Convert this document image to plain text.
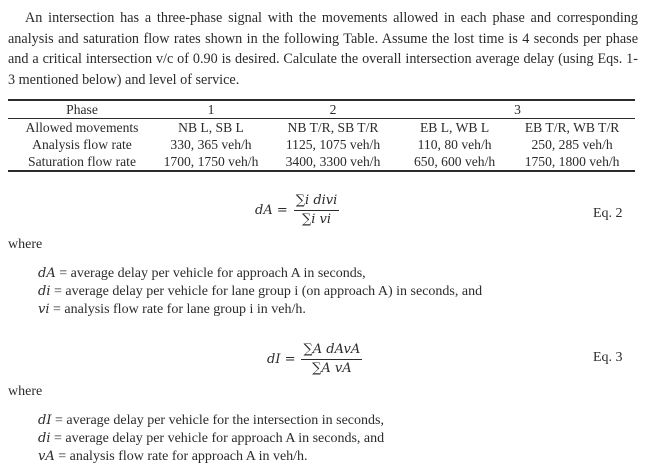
An intersection has a three-phase signal with the movements allowed in each phase and corresponding analysis and saturation flow rates shown in the following Table. Assume the lost time is 4 seconds per phase and a critical intersection v/c of 0.90 is desired. Calculate the overall intersection average delay (using Eqs. 1-3 mentioned below) and level of service.

Phase	1	2	3	
Allowed movements	NB L, SB L	NB T/R, SB T/R	EB L, WB L	EB T/R, WB T/R
Analysis flow rate	330, 365 veh/h	1125, 1075 veh/h	110, 80 veh/h	250, 285 veh/h
Saturation flow rate	1700, 1750 veh/h	3400, 3300 veh/h	650, 600 veh/h	1750, 1800 veh/h
dA = $\frac{\text{∑i divi}}{\text{∑i vi}}$	Eq. 2
where
dA = average delay per vehicle for approach A in seconds,
di = average delay per vehicle for lane group i (on approach A) in seconds, and
vi = analysis flow rate for lane group i in veh/h.
dI = $\frac{\text{∑A dAvA}}{\text{∑A vA}}$	Eq. 3
where
dI = average delay per vehicle for the intersection in seconds,
di = average delay per vehicle for approach A in seconds, and
vA = analysis flow rate for approach A in veh/h.
